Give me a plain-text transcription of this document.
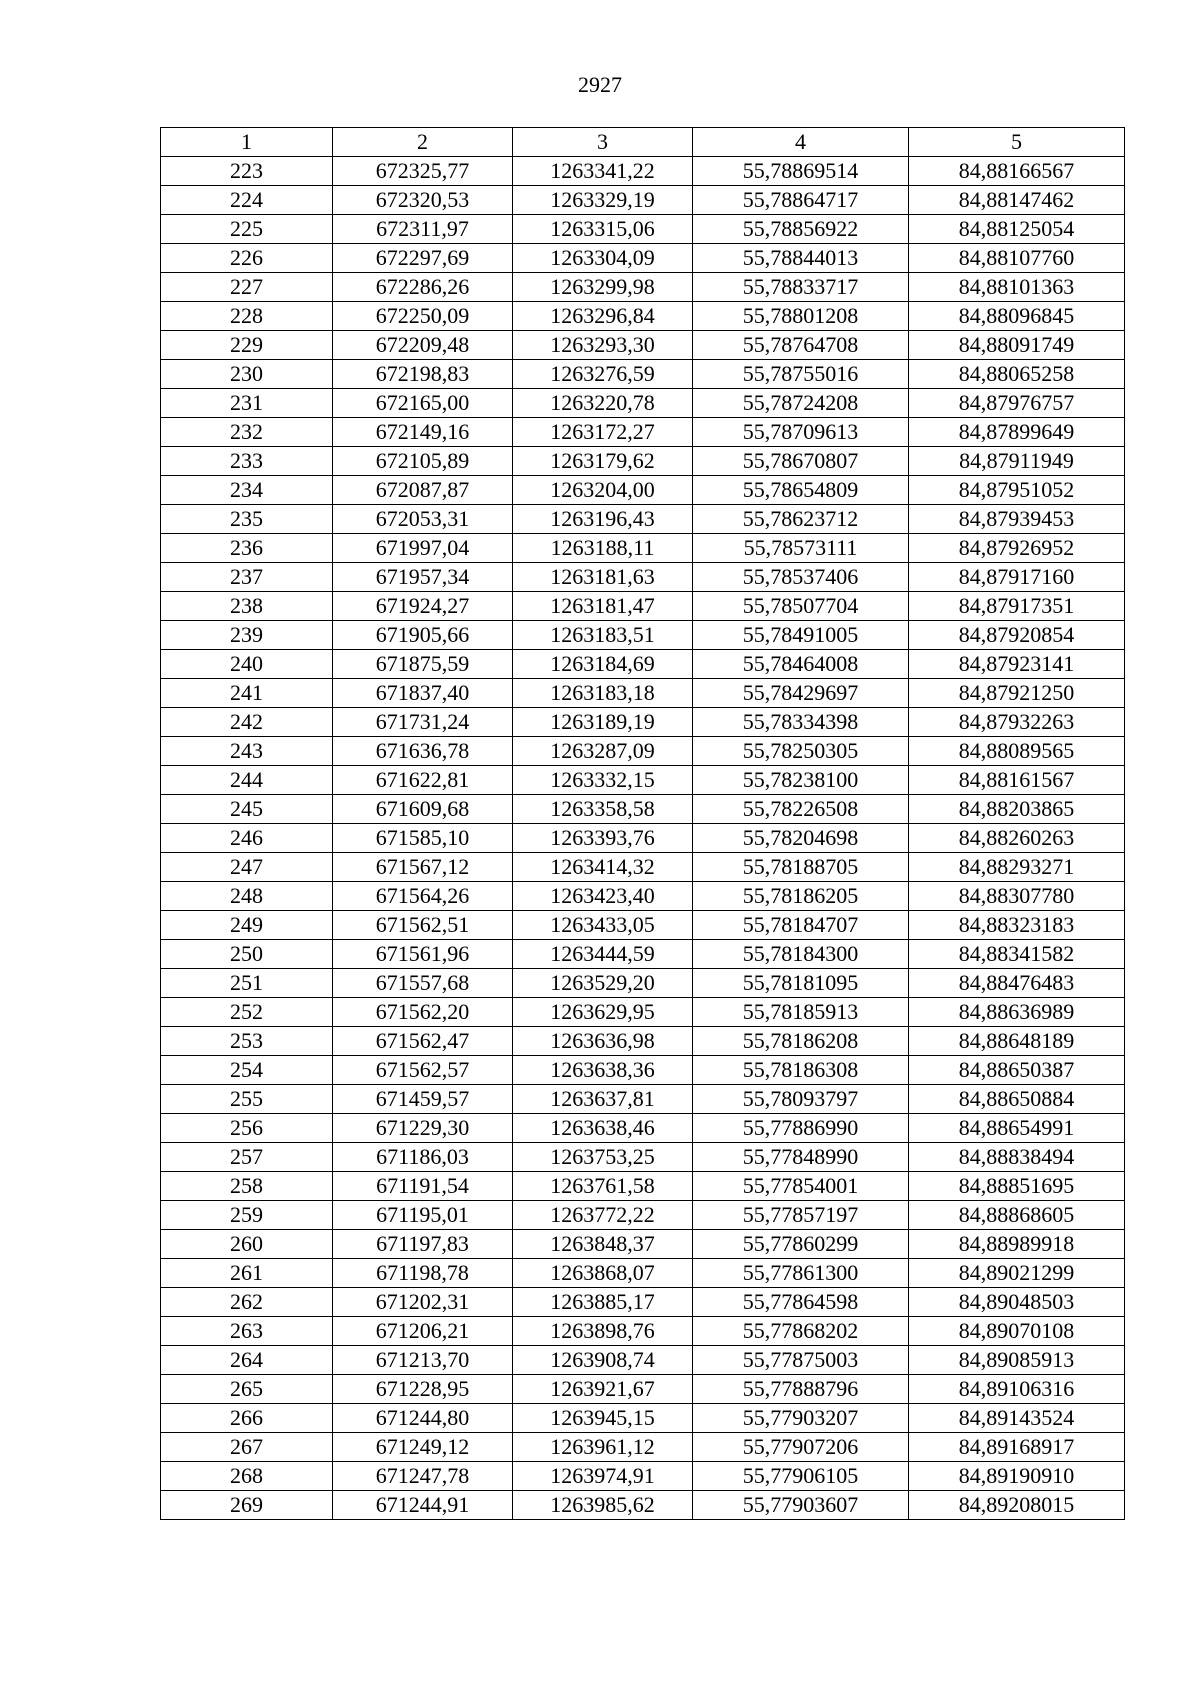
2927
1	2	3	4	5
223	672325,77	1263341,22	55,78869514	84,88166567
224	672320,53	1263329,19	55,78864717	84,88147462
225	672311,97	1263315,06	55,78856922	84,88125054
226	672297,69	1263304,09	55,78844013	84,88107760
227	672286,26	1263299,98	55,78833717	84,88101363
228	672250,09	1263296,84	55,78801208	84,88096845
229	672209,48	1263293,30	55,78764708	84,88091749
230	672198,83	1263276,59	55,78755016	84,88065258
231	672165,00	1263220,78	55,78724208	84,87976757
232	672149,16	1263172,27	55,78709613	84,87899649
233	672105,89	1263179,62	55,78670807	84,87911949
234	672087,87	1263204,00	55,78654809	84,87951052
235	672053,31	1263196,43	55,78623712	84,87939453
236	671997,04	1263188,11	55,78573111	84,87926952
237	671957,34	1263181,63	55,78537406	84,87917160
238	671924,27	1263181,47	55,78507704	84,87917351
239	671905,66	1263183,51	55,78491005	84,87920854
240	671875,59	1263184,69	55,78464008	84,87923141
241	671837,40	1263183,18	55,78429697	84,87921250
242	671731,24	1263189,19	55,78334398	84,87932263
243	671636,78	1263287,09	55,78250305	84,88089565
244	671622,81	1263332,15	55,78238100	84,88161567
245	671609,68	1263358,58	55,78226508	84,88203865
246	671585,10	1263393,76	55,78204698	84,88260263
247	671567,12	1263414,32	55,78188705	84,88293271
248	671564,26	1263423,40	55,78186205	84,88307780
249	671562,51	1263433,05	55,78184707	84,88323183
250	671561,96	1263444,59	55,78184300	84,88341582
251	671557,68	1263529,20	55,78181095	84,88476483
252	671562,20	1263629,95	55,78185913	84,88636989
253	671562,47	1263636,98	55,78186208	84,88648189
254	671562,57	1263638,36	55,78186308	84,88650387
255	671459,57	1263637,81	55,78093797	84,88650884
256	671229,30	1263638,46	55,77886990	84,88654991
257	671186,03	1263753,25	55,77848990	84,88838494
258	671191,54	1263761,58	55,77854001	84,88851695
259	671195,01	1263772,22	55,77857197	84,88868605
260	671197,83	1263848,37	55,77860299	84,88989918
261	671198,78	1263868,07	55,77861300	84,89021299
262	671202,31	1263885,17	55,77864598	84,89048503
263	671206,21	1263898,76	55,77868202	84,89070108
264	671213,70	1263908,74	55,77875003	84,89085913
265	671228,95	1263921,67	55,77888796	84,89106316
266	671244,80	1263945,15	55,77903207	84,89143524
267	671249,12	1263961,12	55,77907206	84,89168917
268	671247,78	1263974,91	55,77906105	84,89190910
269	671244,91	1263985,62	55,77903607	84,89208015
